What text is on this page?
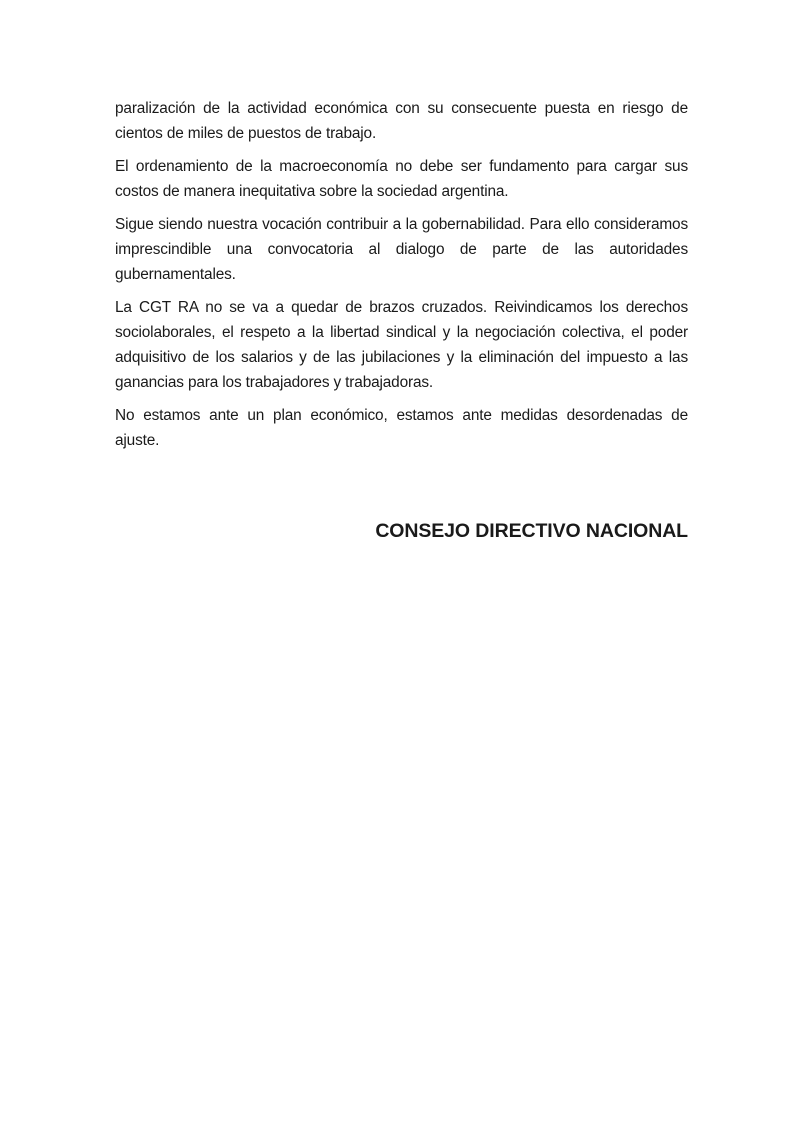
paralización de la actividad económica con su consecuente puesta en riesgo de cientos de miles de puestos de trabajo.

El ordenamiento de la macroeconomía no debe ser fundamento para cargar sus costos de manera inequitativa sobre la sociedad argentina.

Sigue siendo nuestra vocación contribuir a la gobernabilidad. Para ello consideramos imprescindible una convocatoria al dialogo de parte de las autoridades gubernamentales.

La CGT RA no se va a quedar de brazos cruzados. Reivindicamos los derechos sociolaborales, el respeto a la libertad sindical y la negociación colectiva, el poder adquisitivo de los salarios y de las jubilaciones y la eliminación del impuesto a las ganancias para los trabajadores y trabajadoras.

No estamos ante un plan económico, estamos ante medidas desordenadas de ajuste.

CONSEJO DIRECTIVO NACIONAL
